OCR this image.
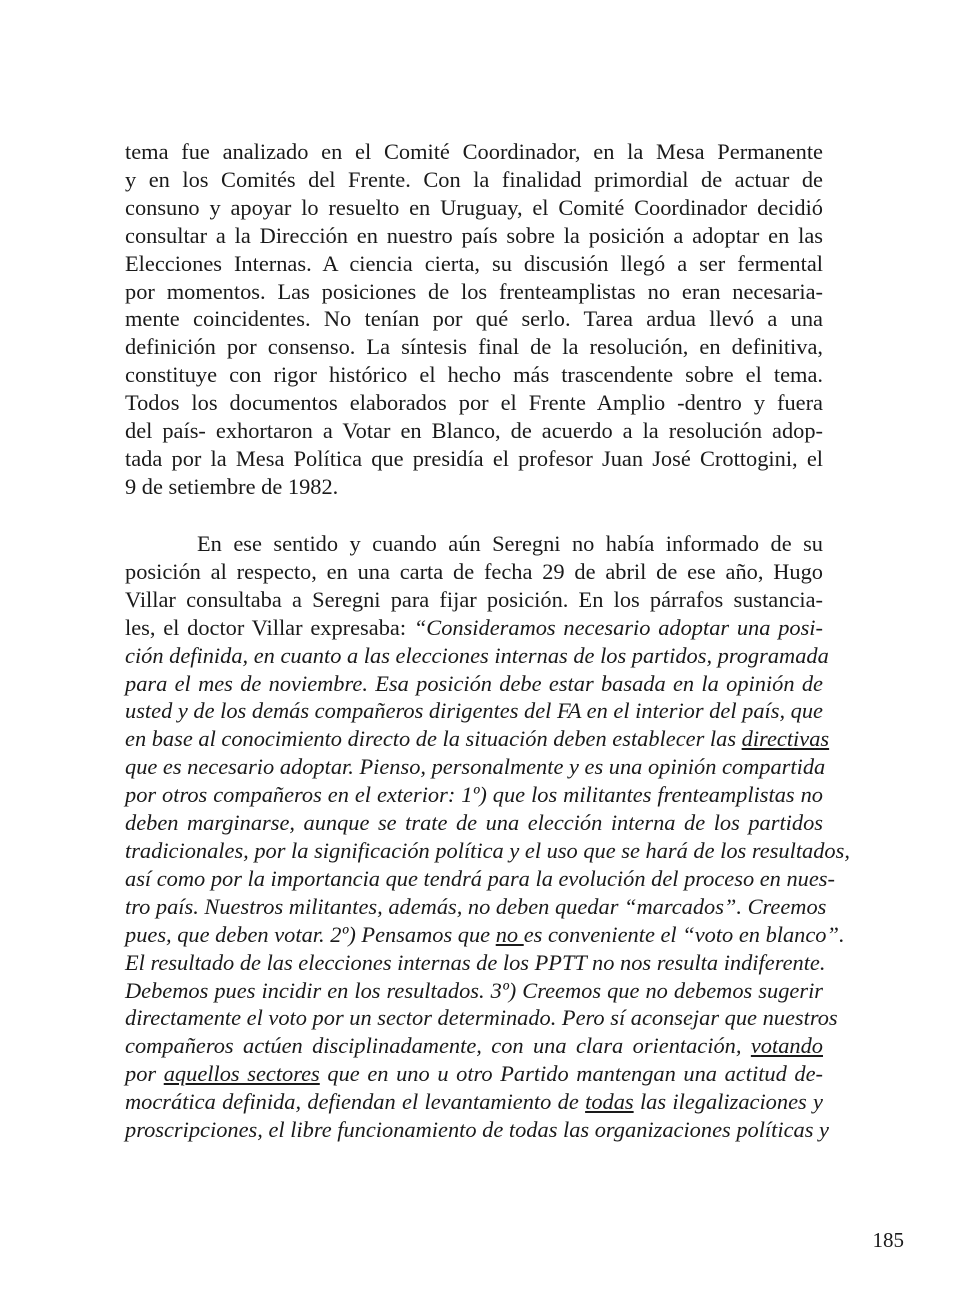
tema fue analizado en el Comité Coordinador, en la Mesa Permanente
y en los Comités del Frente. Con la finalidad primordial de actuar de
consuno y apoyar lo resuelto en Uruguay, el Comité Coordinador decidió
consultar a la Dirección en nuestro país sobre la posición a adoptar en las
Elecciones Internas. A ciencia cierta, su discusión llegó a ser fermental
por momentos. Las posiciones de los frenteamplistas no eran necesaria-
mente coincidentes. No tenían por qué serlo. Tarea ardua llevó a una
definición por consenso. La síntesis final de la resolución, en definitiva,
constituye con rigor histórico el hecho más trascendente sobre el tema.
Todos los documentos elaborados por el Frente Amplio -dentro y fuera
del país- exhortaron a Votar en Blanco, de acuerdo a la resolución adop-
tada por la Mesa Política que presidía el profesor Juan José Crottogini, el
9 de setiembre de 1982.
En ese sentido y cuando aún Seregni no había informado de su
posición al respecto, en una carta de fecha 29 de abril de ese año, Hugo
Villar consultaba a Seregni para fijar posición. En los párrafos sustancia-
les, el doctor Villar expresaba: “Consideramos necesario adoptar una posi-
ción definida, en cuanto a las elecciones internas de los partidos, programada
para el mes de noviembre. Esa posición debe estar basada en la opinión de
usted y de los demás compañeros dirigentes del FA en el interior del país, que
en base al conocimiento directo de la situación deben establecer las directivas
que es necesario adoptar. Pienso, personalmente y es una opinión compartida
por otros compañeros en el exterior: 1º) que los militantes frenteamplistas no
deben marginarse, aunque se trate de una elección interna de los partidos
tradicionales, por la significación política y el uso que se hará de los resultados,
así como por la importancia que tendrá para la evolución del proceso en nues-
tro país. Nuestros militantes, además, no deben quedar “marcados”. Creemos
pues, que deben votar. 2º) Pensamos que no es conveniente el “voto en blanco”.
El resultado de las elecciones internas de los PPTT no nos resulta indiferente.
Debemos pues incidir en los resultados. 3º) Creemos que no debemos sugerir
directamente el voto por un sector determinado. Pero sí aconsejar que nuestros
compañeros actúen disciplinadamente, con una clara orientación, votando
por aquellos sectores que en uno u otro Partido mantengan una actitud de-
mocrática definida, defiendan el levantamiento de todas las ilegalizaciones y
proscripciones, el libre funcionamiento de todas las organizaciones políticas y
185
